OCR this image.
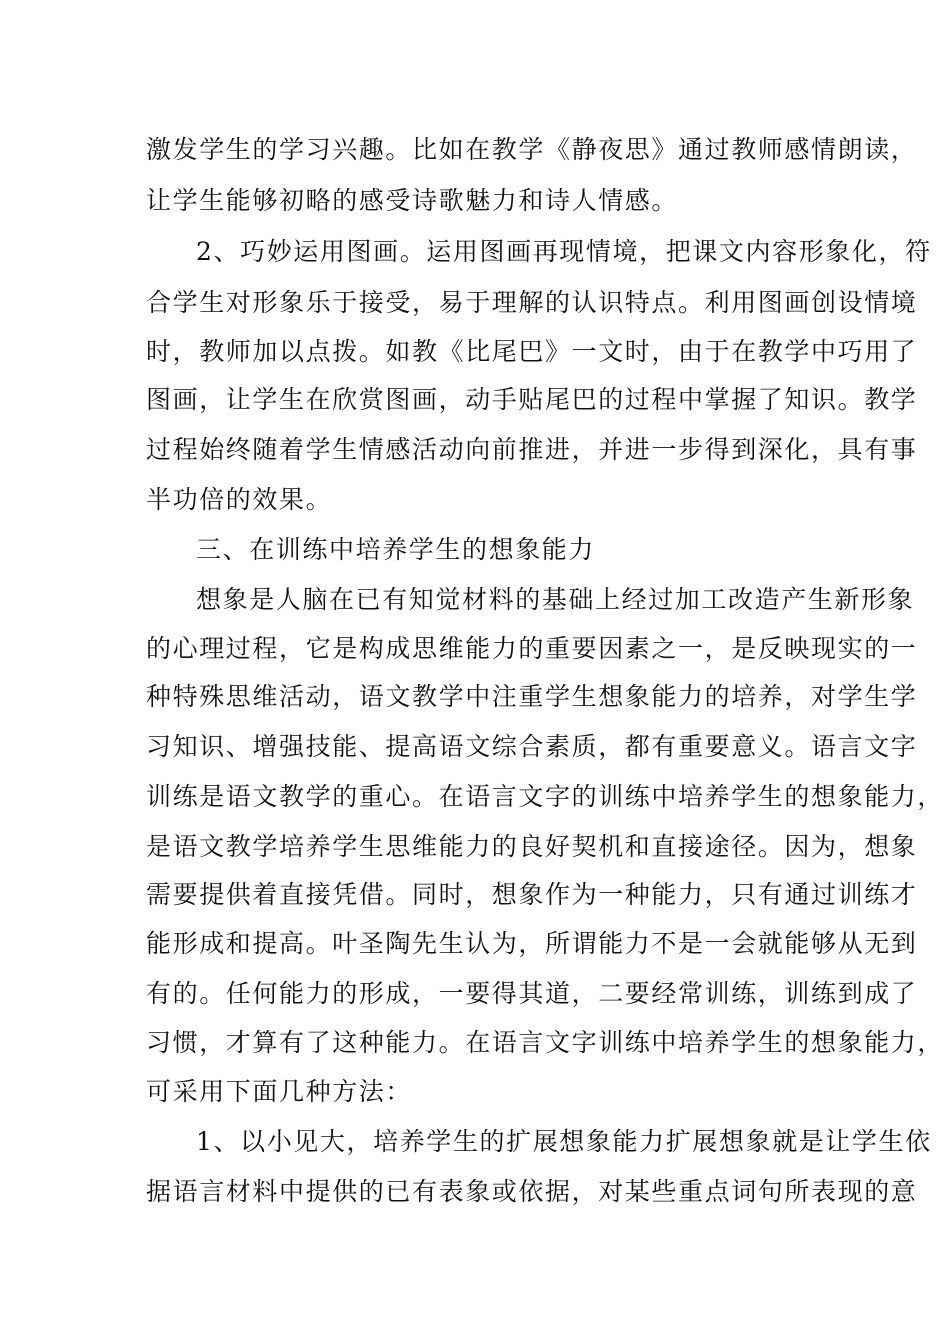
激发学生的学习兴趣。比如在教学《静夜思》通过教师感情朗读，
让学生能够初略的感受诗歌魅力和诗人情感。
2、巧妙运用图画。运用图画再现情境，把课文内容形象化，符
合学生对形象乐于接受，易于理解的认识特点。利用图画创设情境
时，教师加以点拨。如教《比尾巴》一文时，由于在教学中巧用了
图画，让学生在欣赏图画，动手贴尾巴的过程中掌握了知识。教学
过程始终随着学生情感活动向前推进，并进一步得到深化，具有事
半功倍的效果。
三、在训练中培养学生的想象能力
想象是人脑在已有知觉材料的基础上经过加工改造产生新形象
的心理过程，它是构成思维能力的重要因素之一，是反映现实的一
种特殊思维活动，语文教学中注重学生想象能力的培养，对学生学
习知识、增强技能、提高语文综合素质，都有重要意义。语言文字
训练是语文教学的重心。在语言文字的训练中培养学生的想象能力，
是语文教学培养学生思维能力的良好契机和直接途径。因为，想象
需要提供着直接凭借。同时，想象作为一种能力，只有通过训练才
能形成和提高。叶圣陶先生认为，所谓能力不是一会就能够从无到
有的。任何能力的形成，一要得其道，二要经常训练，训练到成了
习惯，才算有了这种能力。在语言文字训练中培养学生的想象能力，
可采用下面几种方法：
1、以小见大，培养学生的扩展想象能力扩展想象就是让学生依
据语言材料中提供的已有表象或依据，对某些重点词句所表现的意
